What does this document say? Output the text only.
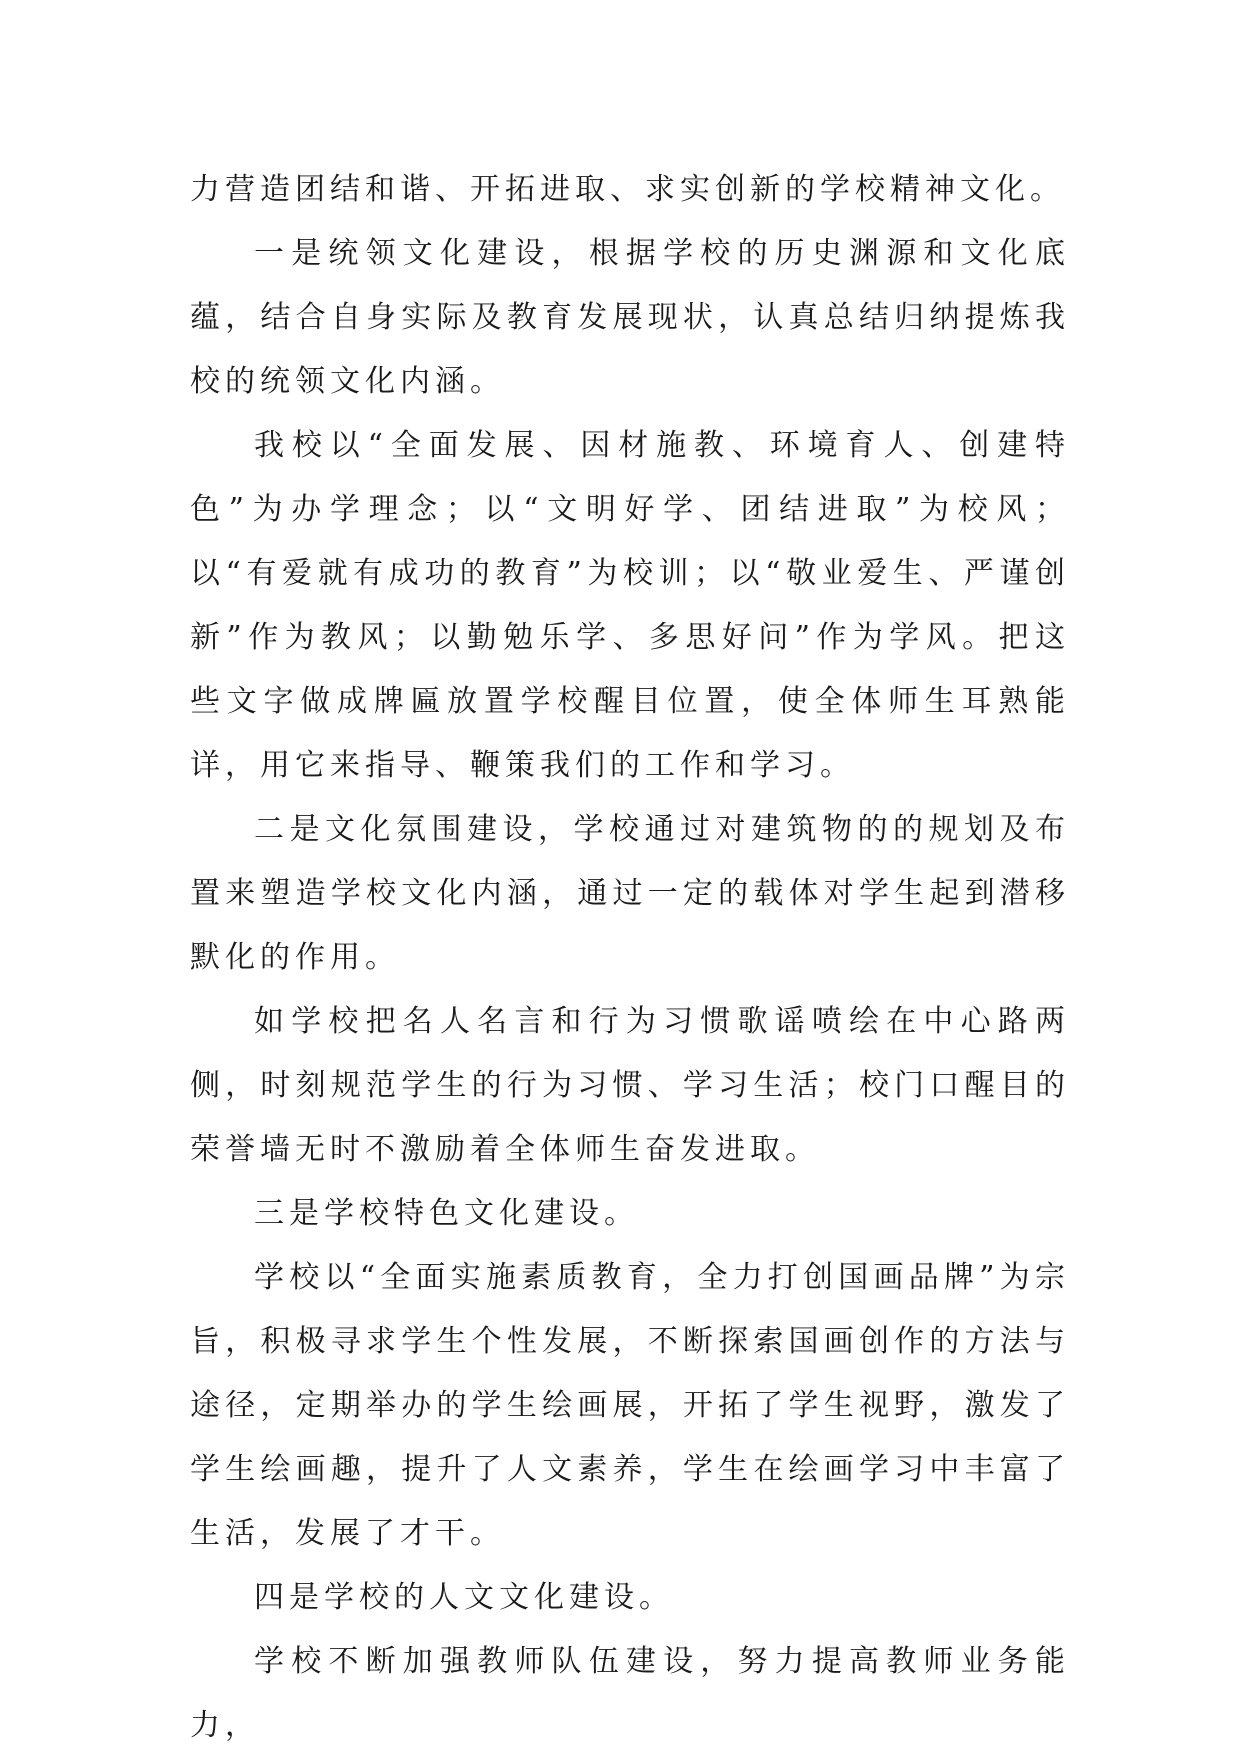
力营造团结和谐、开拓进取、求实创新的学校精神文化。

一是统领文化建设，根据学校的历史渊源和文化底蕴，结合自身实际及教育发展现状，认真总结归纳提炼我校的统领文化内涵。

我校以“全面发展、因材施教、环境育人、创建特色”为办学理念；以“文明好学、团结进取”为校风；以“有爱就有成功的教育”为校训；以“敬业爱生、严谨创新”作为教风；以勤勉乐学、多思好问”作为学风。把这些文字做成牌匾放置学校醒目位置，使全体师生耳熟能详，用它来指导、鞭策我们的工作和学习。

二是文化氛围建设，学校通过对建筑物的的规划及布置来塑造学校文化内涵，通过一定的载体对学生起到潜移默化的作用。

如学校把名人名言和行为习惯歌谣喷绘在中心路两侧，时刻规范学生的行为习惯、学习生活；校门口醒目的荣誉墙无时不激励着全体师生奋发进取。

三是学校特色文化建设。

学校以“全面实施素质教育，全力打创国画品牌”为宗旨，积极寻求学生个性发展，不断探索国画创作的方法与途径，定期举办的学生绘画展，开拓了学生视野，激发了学生绘画趣，提升了人文素养，学生在绘画学习中丰富了生活，发展了才干。

四是学校的人文文化建设。

学校不断加强教师队伍建设，努力提高教师业务能力，
